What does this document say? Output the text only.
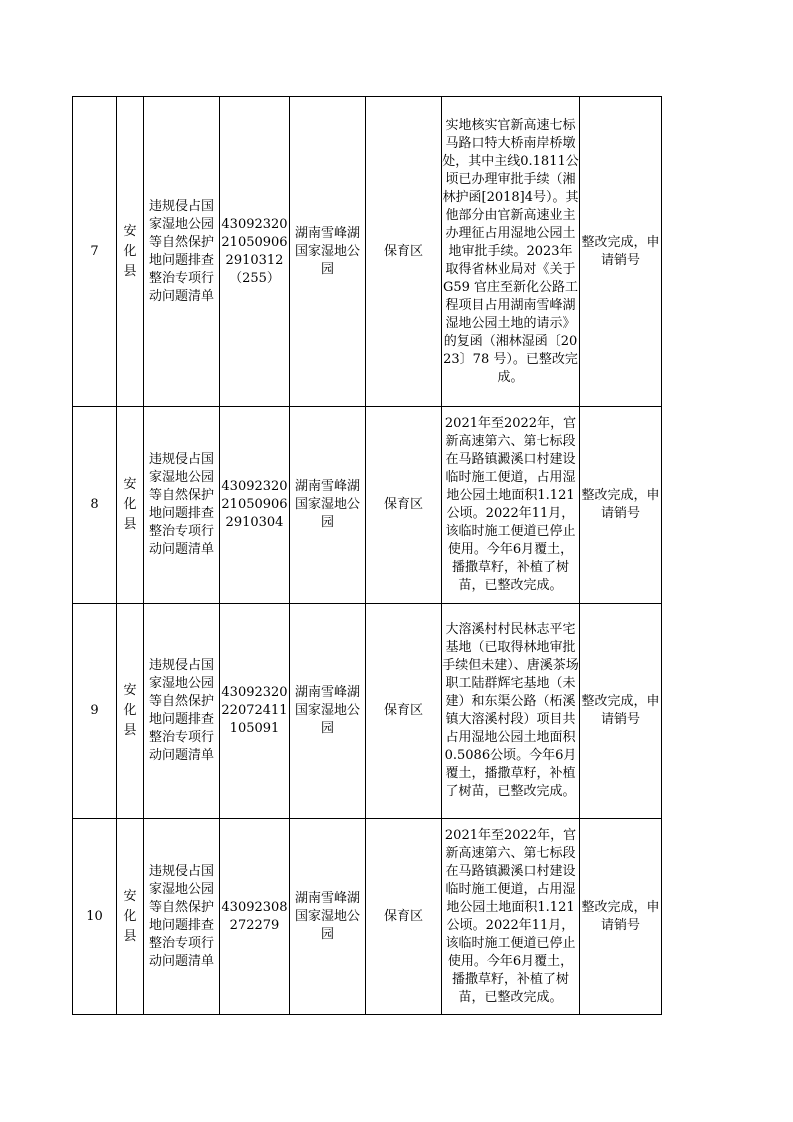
7	安化县	违规侵占国家湿地公园等自然保护地问题排查整治专项行动问题清单	43092320210509062910312（255）	湖南雪峰湖国家湿地公园	保育区	实地核实官新高速七标马路口特大桥南岸桥墩处，其中主线0.1811公顷已办理审批手续（湘林护函[2018]4号）。其他部分由官新高速业主办理征占用湿地公园土地审批手续。2023年取得省林业局对《关于 G59 官庄至新化公路工程项目占用湖南雪峰湖湿地公园土地的请示》的复函（湘林湿函〔2023〕78 号）。已整改完成。	整改完成，申请销号
8	安化县	违规侵占国家湿地公园等自然保护地问题排查整治专项行动问题清单	430923202105090629103‌04	湖南雪峰湖国家湿地公园	保育区	2021年至2022年，官新高速第六、第七标段在马路镇澱溪口村建设临时施工便道，占用湿地公园土地面积1.121公顷。2022年11月，该临时施工便道已停止使用。今年6月覆土，播撒草籽，补植了树苗，已整改完成。	整改完成，申请销号
9	安化县	违规侵占国家湿地公园等自然保护地问题排查整治专项行动问题清单	43092320220724111‌05091	湖南雪峰湖国家湿地公园	保育区	大溶溪村村民林志平宅基地（已取得林地审批手续但未建）、唐溪茶场职工陆群辉宅基地（未建）和东渠公路（柘溪镇大溶溪村段）项目共占用湿地公园土地面积0.5086公顷。今年6月覆土，播撒草籽，补植了树苗，已整改完成。	整改完成，申请销号
10	安化县	违规侵占国家湿地公园等自然保护地问题排查整治专项行动问题清单	43092308272279	湖南雪峰湖国家湿地公园	保育区	2021年至2022年，官新高速第六、第七标段在马路镇澱溪口村建设临时施工便道，占用湿地公园土地面积1.121公顷。2022年11月，该临时施工便道已停止使用。今年6月覆土，播撒草籽，补植了树苗，已整改完成。	整改完成，申请销号
